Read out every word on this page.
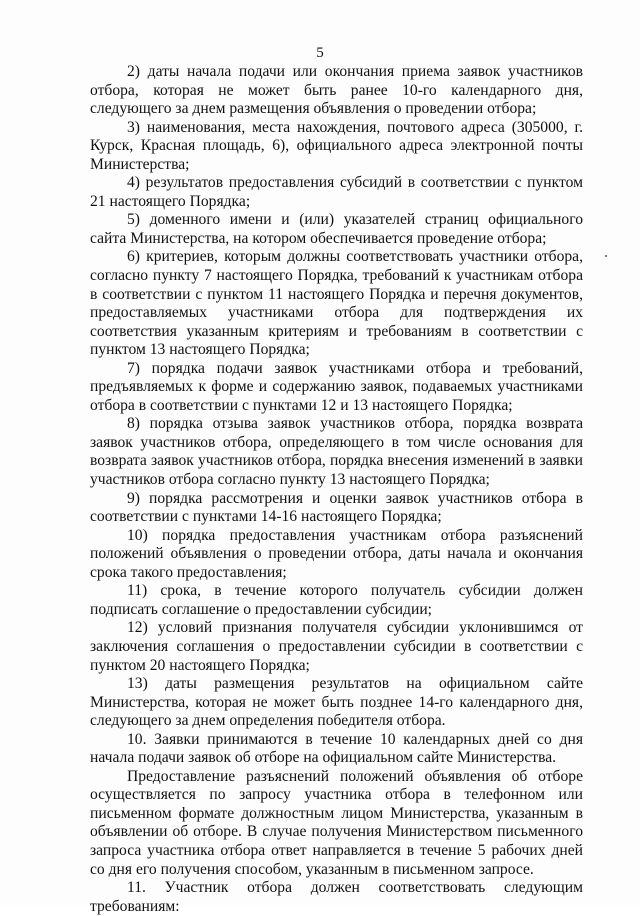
5

2) даты начала подачи или окончания приема заявок участников отбора, которая не может быть ранее 10-го календарного дня, следующего за днем размещения объявления о проведении отбора;

3) наименования, места нахождения, почтового адреса (305000, г. Курск, Красная площадь, 6), официального адреса электронной почты Министерства;

4) результатов предоставления субсидий в соответствии с пунктом 21 настоящего Порядка;

5) доменного имени и (или) указателей страниц официального сайта Министерства, на котором обеспечивается проведение отбора;

6) критериев, которым должны соответствовать участники отбора, согласно пункту 7 настоящего Порядка, требований к участникам отбора в соответствии с пунктом 11 настоящего Порядка и перечня документов, предоставляемых участниками отбора для подтверждения их соответствия указанным критериям и требованиям в соответствии с пунктом 13 настоящего Порядка;

7) порядка подачи заявок участниками отбора и требований, предъявляемых к форме и содержанию заявок, подаваемых участниками отбора в соответствии с пунктами 12 и 13 настоящего Порядка;

8) порядка отзыва заявок участников отбора, порядка возврата заявок участников отбора, определяющего в том числе основания для возврата заявок участников отбора, порядка внесения изменений в заявки участников отбора согласно пункту 13 настоящего Порядка;

9) порядка рассмотрения и оценки заявок участников отбора в соответствии с пунктами 14-16 настоящего Порядка;

10) порядка предоставления участникам отбора разъяснений положений объявления о проведении отбора, даты начала и окончания срока такого предоставления;

11) срока, в течение которого получатель субсидии должен подписать соглашение о предоставлении субсидии;

12) условий признания получателя субсидии уклонившимся от заключения соглашения о предоставлении субсидии в соответствии с пунктом 20 настоящего Порядка;

13) даты размещения результатов на официальном сайте Министерства, которая не может быть позднее 14-го календарного дня, следующего за днем определения победителя отбора.

10. Заявки принимаются в течение 10 календарных дней со дня начала подачи заявок об отборе на официальном сайте Министерства.

Предоставление разъяснений положений объявления об отборе осуществляется по запросу участника отбора в телефонном или письменном формате должностным лицом Министерства, указанным в объявлении об отборе. В случае получения Министерством письменного запроса участника отбора ответ направляется в течение 5 рабочих дней со дня его получения способом, указанным в письменном запросе.

11. Участник отбора должен соответствовать следующим требованиям:
